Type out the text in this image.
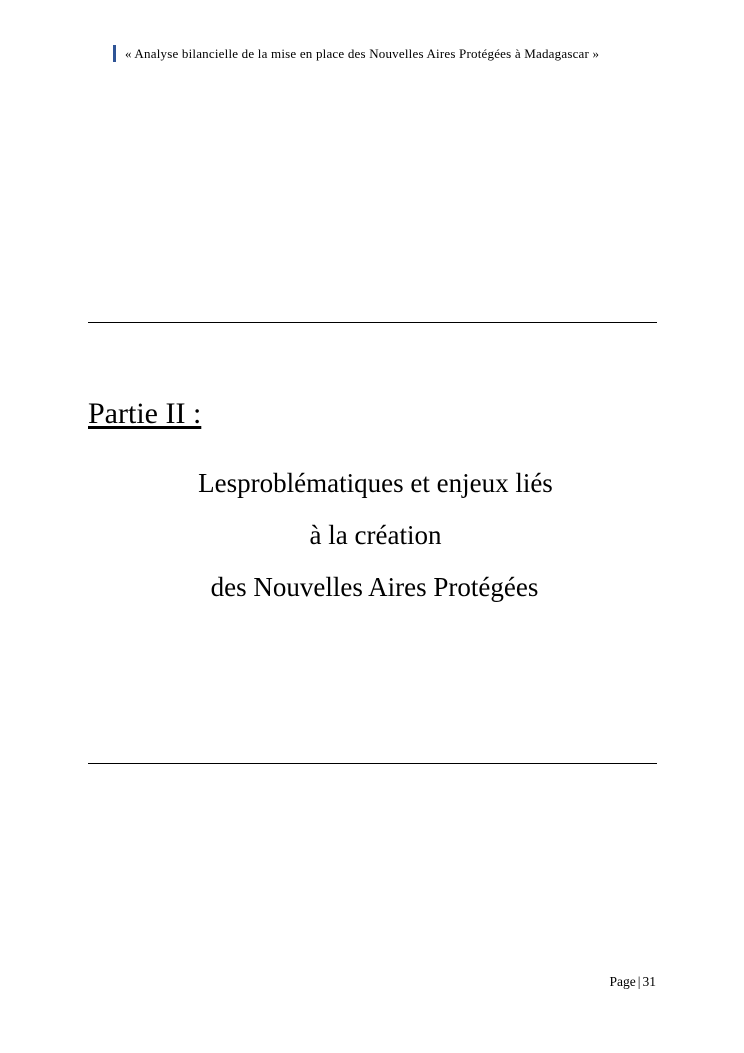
« Analyse bilancielle de la mise en place des Nouvelles Aires Protégées à Madagascar »
Partie II :
Lesproblématiques et enjeux liés
à la création
des Nouvelles Aires Protégées
Page | 31
